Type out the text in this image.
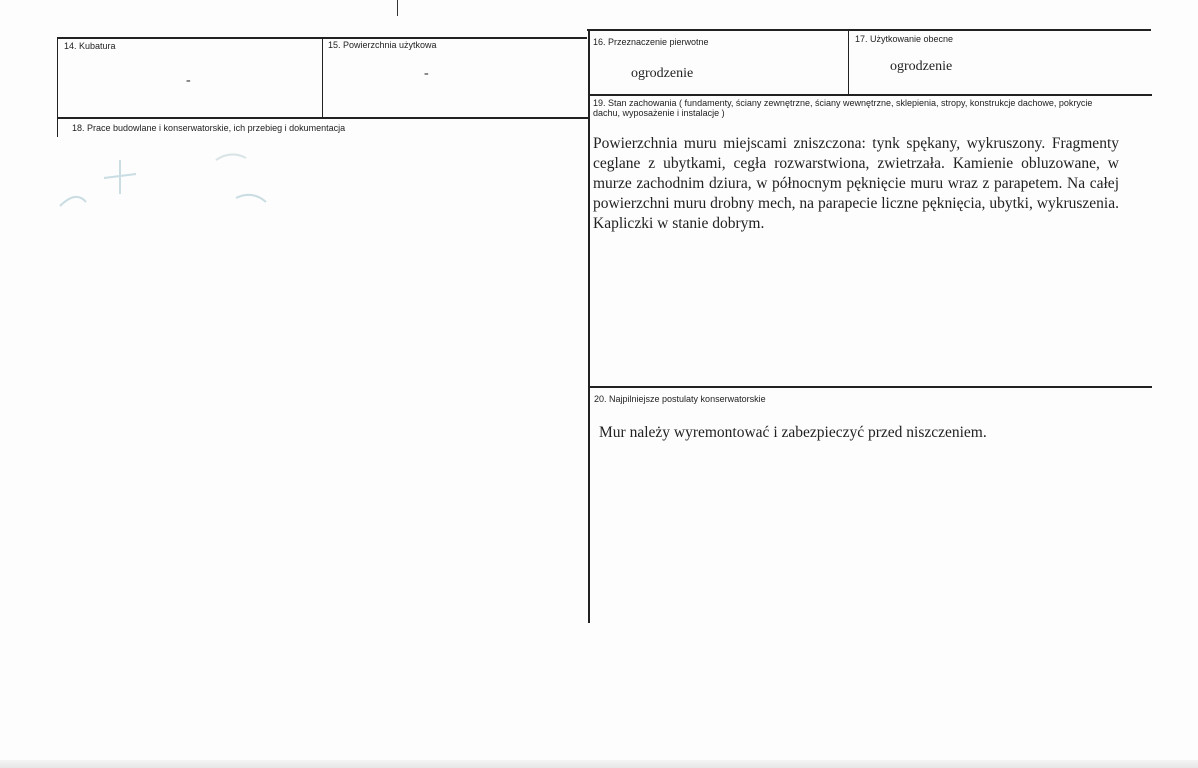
14. Kubatura
-
15. Powierzchnia użytkowa
-
16. Przeznaczenie pierwotne
ogrodzenie
17. Użytkowanie obecne
ogrodzenie
18. Prace budowlane i konserwatorskie, ich przebieg i dokumentacja
19. Stan zachowania ( fundamenty, ściany zewnętrzne, ściany wewnętrzne, sklepienia, stropy, konstrukcje dachowe, pokrycie dachu, wyposażenie i instalacje )
Powierzchnia muru miejscami zniszczona: tynk spękany, wykruszony. Fragmenty ceglane z ubytkami, cegła rozwarstwiona, zwietrzała. Kamienie obluzowane, w murze zachodnim dziura, w północnym pęknięcie muru wraz z parapetem. Na całej powierzchni muru drobny mech, na parapecie liczne pęknięcia, ubytki, wykruszenia. Kapliczki w stanie dobrym.
20. Najpilniejsze postulaty konserwatorskie
Mur należy wyremontować i zabezpieczyć przed niszczeniem.
